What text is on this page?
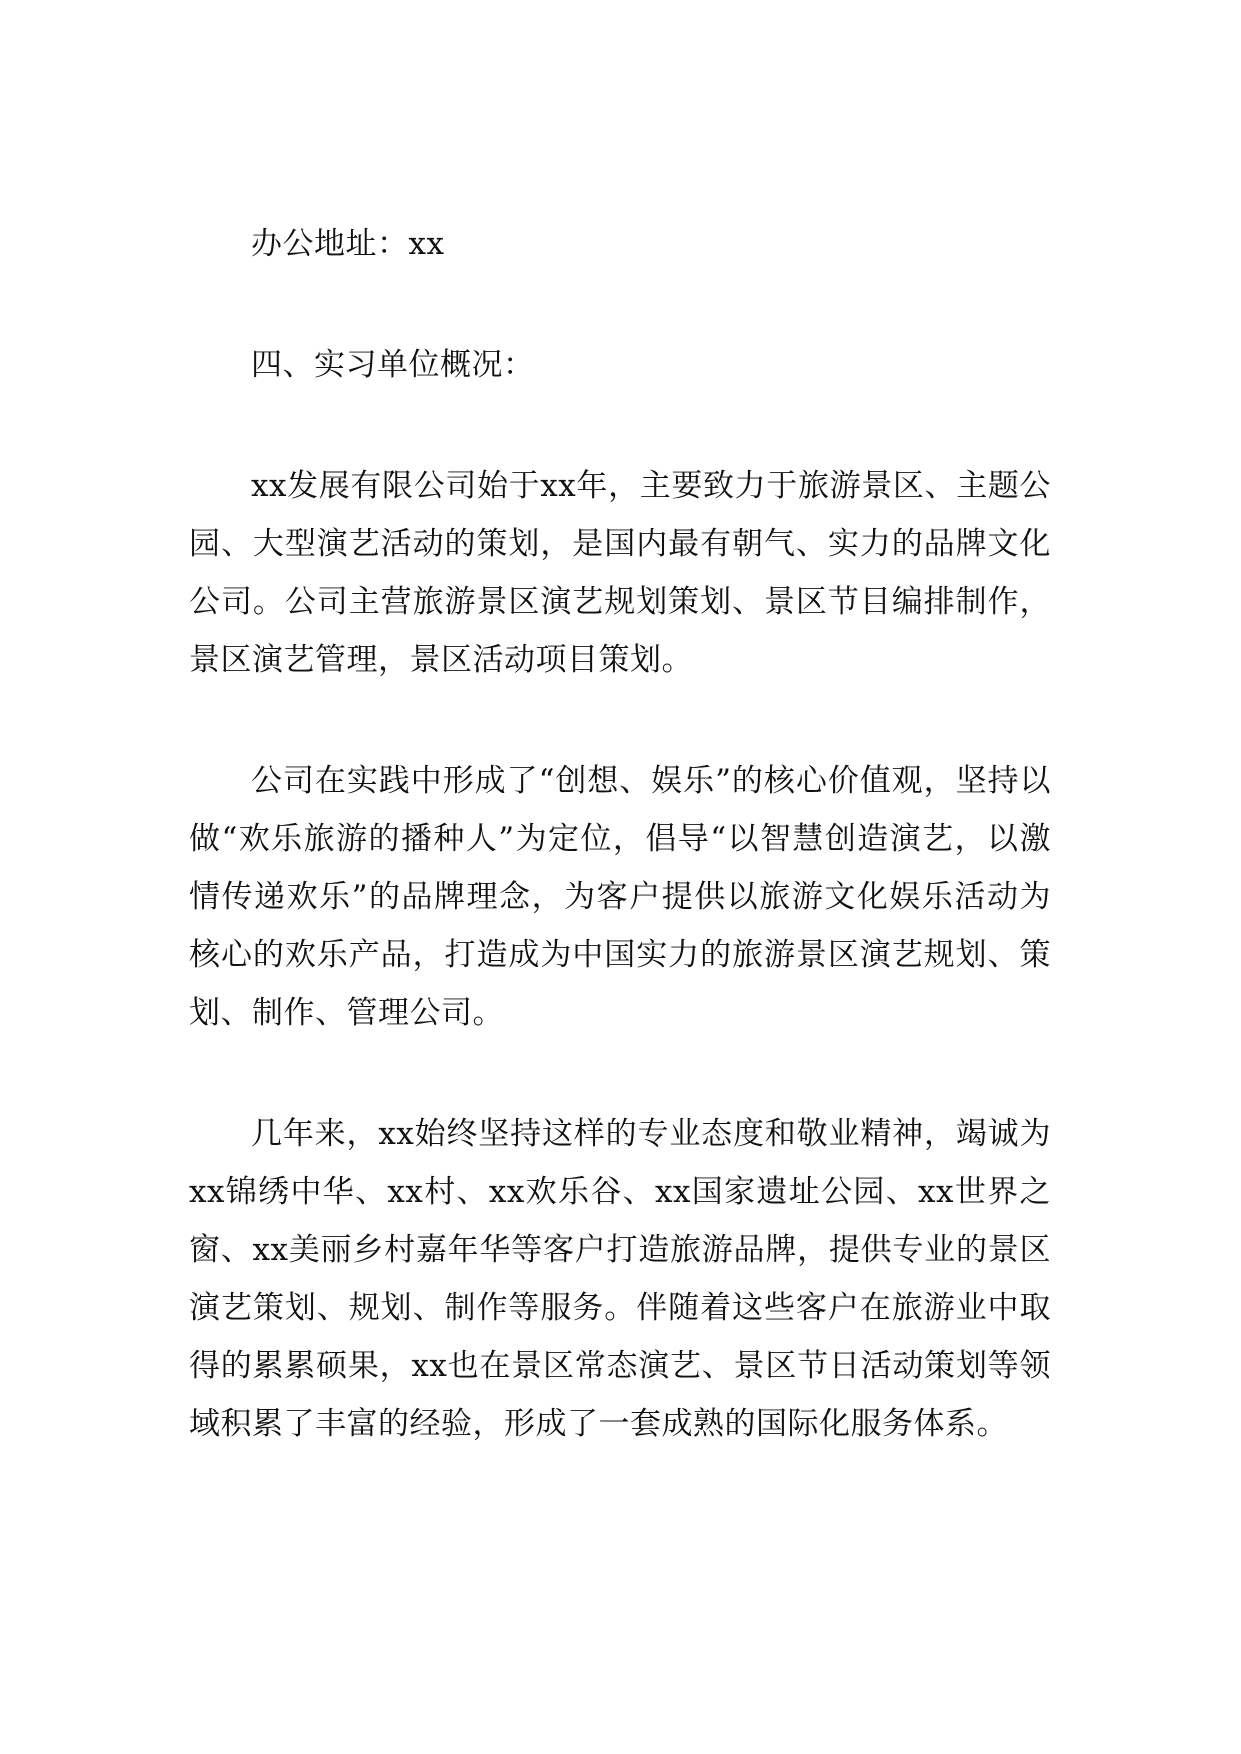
办公地址：xx

四、实习单位概况：

xx发展有限公司始于xx年，主要致力于旅游景区、主题公园、大型演艺活动的策划，是国内最有朝气、实力的品牌文化公司。公司主营旅游景区演艺规划策划、景区节目编排制作，景区演艺管理，景区活动项目策划。

公司在实践中形成了“创想、娱乐”的核心价值观，坚持以做“欢乐旅游的播种人”为定位，倡导“以智慧创造演艺，以激情传递欢乐”的品牌理念，为客户提供以旅游文化娱乐活动为核心的欢乐产品，打造成为中国实力的旅游景区演艺规划、策划、制作、管理公司。

几年来，xx始终坚持这样的专业态度和敬业精神，竭诚为xx锦绣中华、xx村、xx欢乐谷、xx国家遗址公园、xx世界之窗、xx美丽乡村嘉年华等客户打造旅游品牌，提供专业的景区演艺策划、规划、制作等服务。伴随着这些客户在旅游业中取得的累累硕果，xx也在景区常态演艺、景区节日活动策划等领域积累了丰富的经验，形成了一套成熟的国际化服务体系。
